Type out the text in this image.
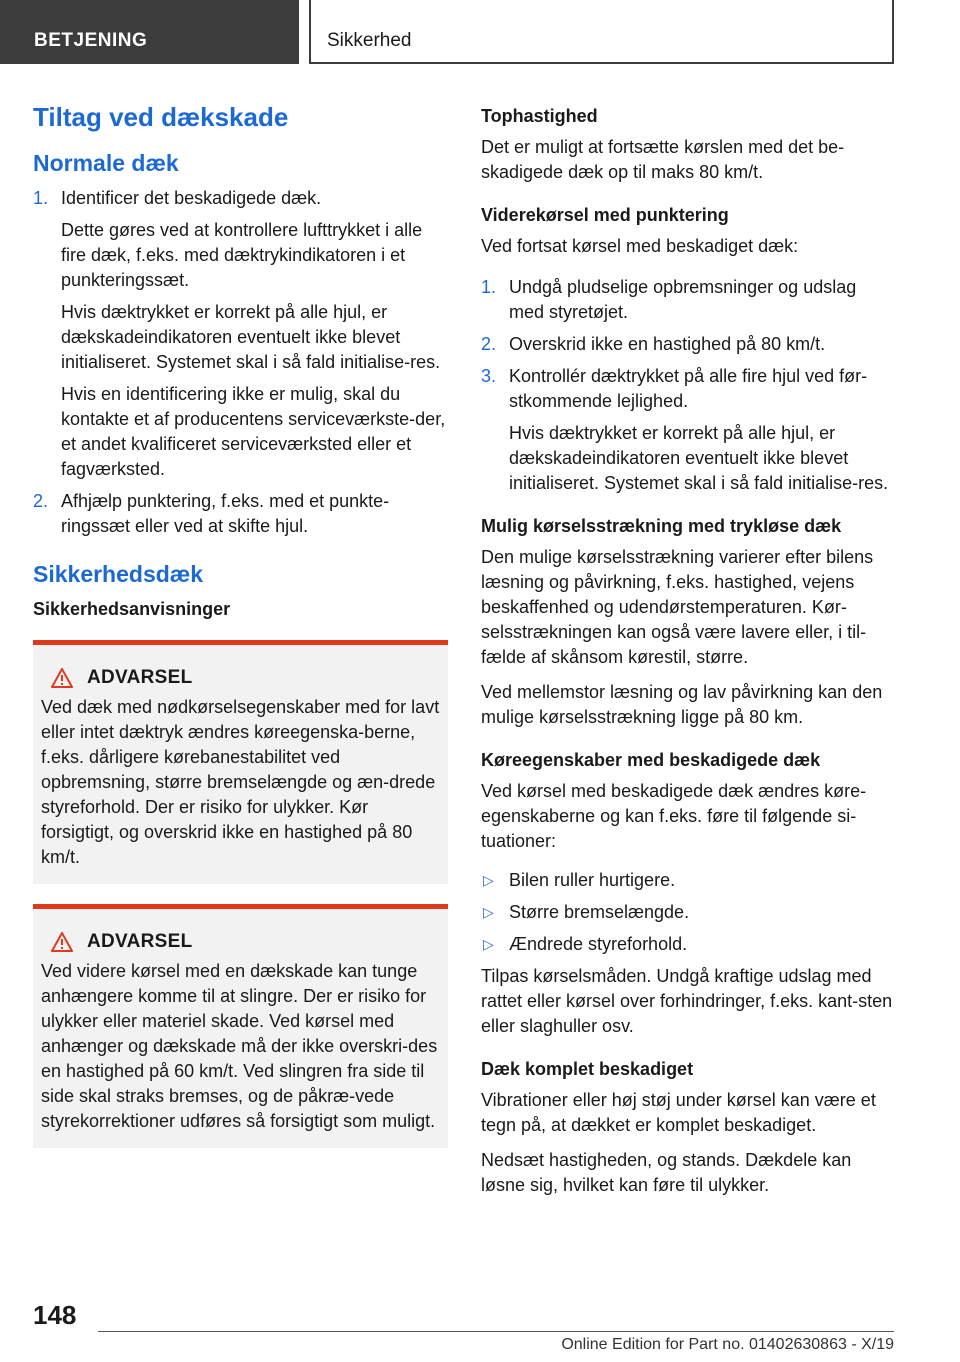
BETJENING	Sikkerhed
Tiltag ved dækskade
Normale dæk
1. Identificer det beskadigede dæk.
Dette gøres ved at kontrollere lufttrykket i alle fire dæk, f.eks. med dæktrykindikatoren i et punkteringssæt.
Hvis dæktrykket er korrekt på alle hjul, er dækskadeindikatoren eventuelt ikke blevet initialiseret. Systemet skal i så fald initialise-res.
Hvis en identificering ikke er mulig, skal du kontakte et af producentens serviceværkste-der, et andet kvalificeret serviceværksted eller et fagværksted.
2. Afhjælp punktering, f.eks. med et punkte-ringssæt eller ved at skifte hjul.
Sikkerhedsdæk
Sikkerhedsanvisninger
ADVARSEL

Ved dæk med nødkørselsegenskaber med for lavt eller intet dæktryk ændres køreegenska-berne, f.eks. dårligere kørebanestabilitet ved opbremsning, større bremselængde og æn-drede styreforhold. Der er risiko for ulykker. Kør forsigtigt, og overskrid ikke en hastighed på 80 km/t.

ADVARSEL

Ved videre kørsel med en dækskade kan tunge anhængere komme til at slingre. Der er risiko for ulykker eller materiel skade. Ved kørsel med anhænger og dækskade må der ikke overskri-des en hastighed på 60 km/t. Ved slingren fra side til side skal straks bremses, og de påkræ-vede styrekorrektioner udføres så forsigtigt som muligt.

Tophastighed

Det er muligt at fortsætte kørslen med det be-skadigede dæk op til maks 80 km/t.

Viderekørsel med punktering

Ved fortsat kørsel med beskadiget dæk:

1. Undgå pludselige opbremsninger og udslag med styretøjet.
2. Overskrid ikke en hastighed på 80 km/t.
3. Kontrollér dæktrykket på alle fire hjul ved før-stkommende lejlighed.
Hvis dæktrykket er korrekt på alle hjul, er dækskadeindikatoren eventuelt ikke blevet initialiseret. Systemet skal i så fald initialise-res.
Mulig kørselsstrækning med trykløse dæk

Den mulige kørselsstrækning varierer efter bilens læsning og påvirkning, f.eks. hastighed, vejens beskaffenhed og udendørstemperaturen. Kør-selsstrækningen kan også være lavere eller, i til-fælde af skånsom kørestil, større.

Ved mellemstor læsning og lav påvirkning kan den mulige kørselsstrækning ligge på 80 km.

Køreegenskaber med beskadigede dæk

Ved kørsel med beskadigede dæk ændres køre-egenskaberne og kan f.eks. føre til følgende si-tuationer:

▷ Bilen ruller hurtigere.
▷ Større bremselængde.
▷ Ændrede styreforhold.

Tilpas kørselsmåden. Undgå kraftige udslag med rattet eller kørsel over forhindringer, f.eks. kant-sten eller slaghuller osv.

Dæk komplet beskadiget

Vibrationer eller høj støj under kørsel kan være et tegn på, at dækket er komplet beskadiget.

Nedsæt hastigheden, og stands. Dækdele kan løsne sig, hvilket kan føre til ulykker.

148
Online Edition for Part no. 01402630863 - X/19
